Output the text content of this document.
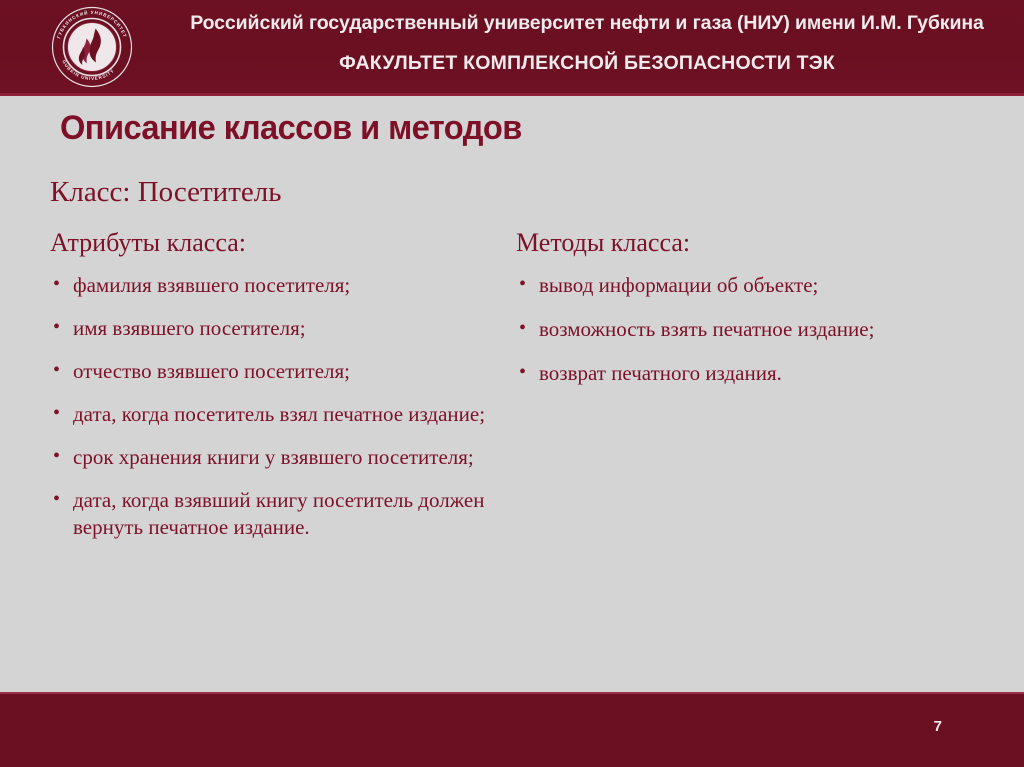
ГУБКИНСКИЙ УНИВЕРСИТЕТ
GUBKIN UNIVERSITY
Российский государственный университет нефти и газа (НИУ) имени И.М. Губкина
ФАКУЛЬТЕТ КОМПЛЕКСНОЙ БЕЗОПАСНОСТИ ТЭК
Описание классов и методов
Класс: Посетитель
Атрибуты класса:
• фамилия взявшего посетителя;
• имя взявшего посетителя;
• отчество взявшего посетителя;
• дата, когда посетитель взял печатное издание;
• срок хранения книги у взявшего посетителя;
• дата, когда взявший книгу посетитель должен вернуть печатное издание.
Методы класса:
• вывод информации об объекте;
• возможность взять печатное издание;
• возврат печатного издания.
7
